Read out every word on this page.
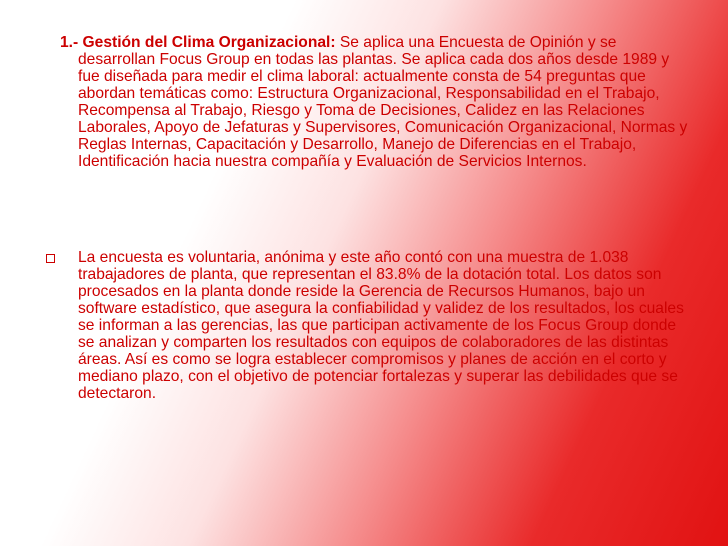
1.- Gestión del Clima Organizacional: Se aplica una Encuesta de Opinión y se desarrollan Focus Group en todas las plantas. Se aplica cada dos años desde 1989 y fue diseñada para medir el clima laboral: actualmente consta de 54 preguntas que abordan temáticas como: Estructura Organizacional, Responsabilidad en el Trabajo, Recompensa al Trabajo, Riesgo y Toma de Decisiones, Calidez en las Relaciones Laborales, Apoyo de Jefaturas y Supervisores, Comunicación Organizacional, Normas y Reglas Internas, Capacitación y Desarrollo, Manejo de Diferencias en el Trabajo, Identificación hacia nuestra compañía y Evaluación de Servicios Internos.
La encuesta es voluntaria, anónima y este año contó con una muestra de 1.038 trabajadores de planta, que representan el 83.8% de la dotación total. Los datos son procesados en la planta donde reside la Gerencia de Recursos Humanos, bajo un software estadístico, que asegura la confiabilidad y validez de los resultados, los cuales se informan a las gerencias, las que participan activamente de los Focus Group donde se analizan y comparten los resultados con equipos de colaboradores de las distintas áreas. Así es como se logra establecer compromisos y planes de acción en el corto y mediano plazo, con el objetivo de potenciar fortalezas y superar las debilidades que se detectaron.
